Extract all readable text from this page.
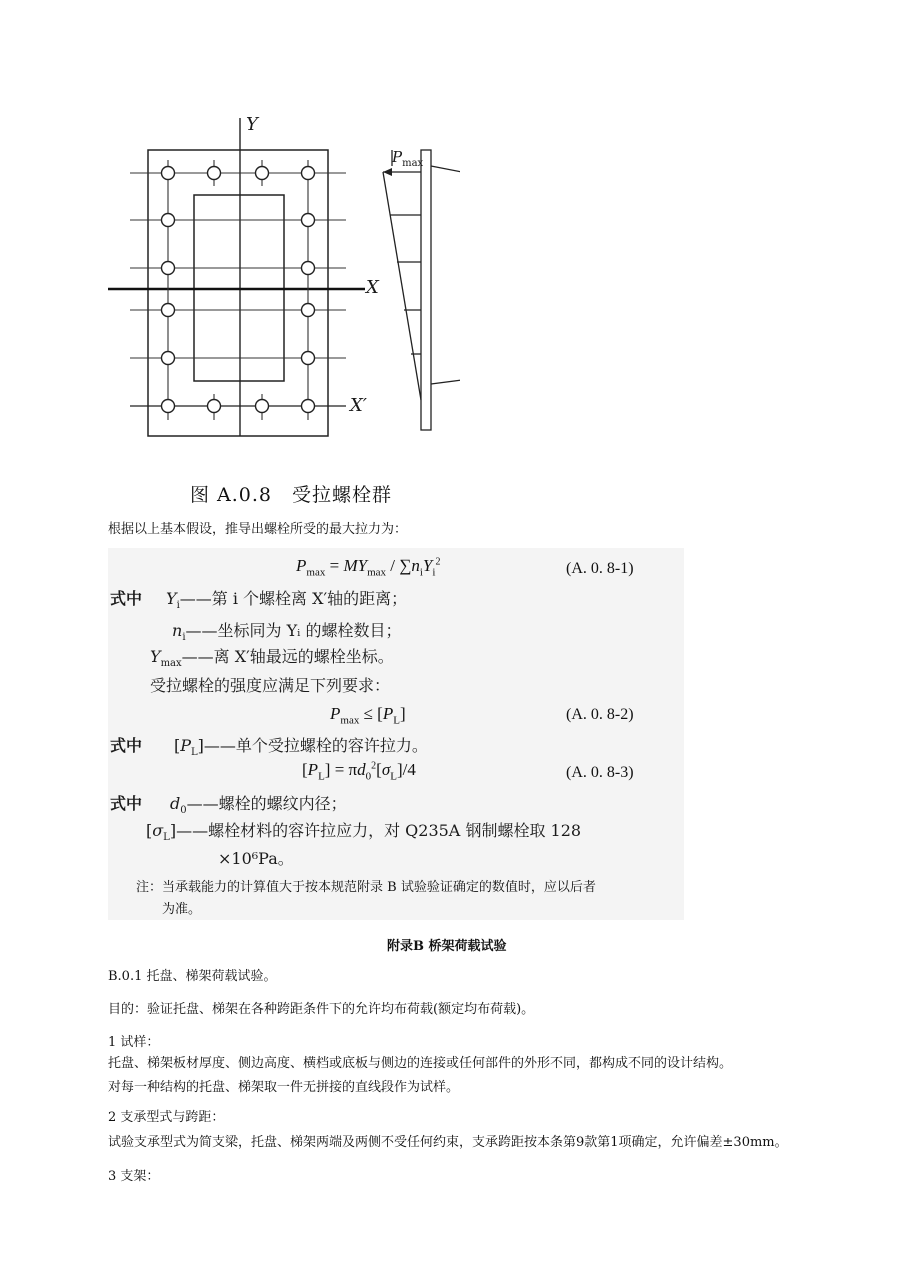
Y
X
X′
$P_{max}$
图 A.0.8　受拉螺栓群
根据以上基本假设，推导出螺栓所受的最大拉力为：
$P_{max} = MY_{max} / \sum n_iY_i^2$	(A. 0. 8-1)
式中 $Y_i——$第 i 个螺栓离 X′轴的距离；
$n_i——$坐标同为 Yᵢ 的螺栓数目；
$Y_{max}——$离 X′轴最远的螺栓坐标。
受拉螺栓的强度应满足下列要求：
$P_{max} \le [P_L]$	(A. 0. 8-2)
式中 $[P_L]——$单个受拉螺栓的容许拉力。
$[P_L] = \pi d_0^2[\sigma_L]/4$	(A. 0. 8-3)
式中 $d_0——$螺栓的螺纹内径；
$[\sigma_L]——$螺栓材料的容许拉应力，对 Q235A 钢制螺栓取 128
×10⁶Pa。
注：当承载能力的计算值大于按本规范附录 B 试验验证确定的数值时，应以后者
为准。
附录B 桥架荷载试验
B.0.1 托盘、梯架荷载试验。
目的：验证托盘、梯架在各种跨距条件下的允许均布荷载(额定均布荷载)。
1 试样：
托盘、梯架板材厚度、侧边高度、横档或底板与侧边的连接或任何部件的外形不同，都构成不同的设计结构。
对每一种结构的托盘、梯架取一件无拼接的直线段作为试样。
2 支承型式与跨距：
试验支承型式为简支梁，托盘、梯架两端及两侧不受任何约束，支承跨距按本条第9款第1项确定，允许偏差±30mm。
3 支架：
